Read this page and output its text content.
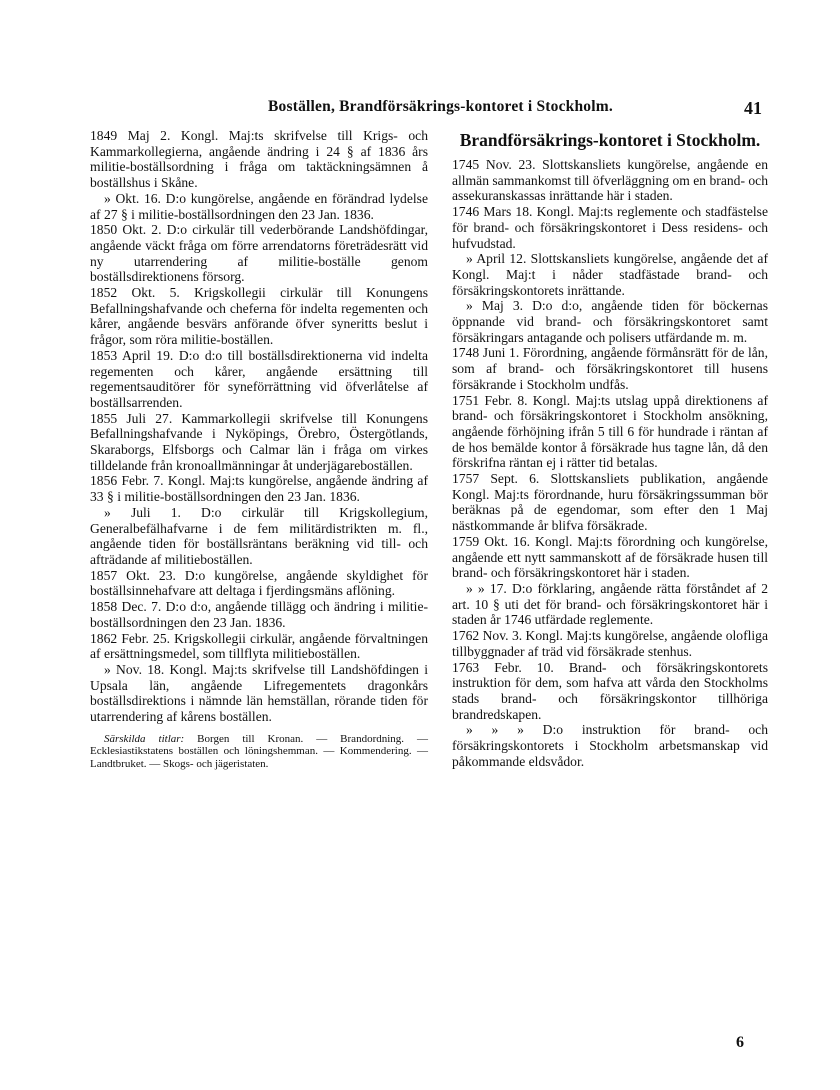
Boställen, Brandförsäkrings-kontoret i Stockholm.	41

1849 Maj 2. Kongl. Maj:ts skrifvelse till Krigs- och Kammarkollegierna, angående ändring i 24 § af 1836 års militie-boställsordning i fråga om taktäckningsämnen å boställshus i Skåne.

» Okt. 16. D:o kungörelse, angående en förändrad lydelse af 27 § i militie-boställsordningen den 23 Jan. 1836.

1850 Okt. 2. D:o cirkulär till vederbörande Landshöfdingar, angående väckt fråga om förre arrendatorns företrädesrätt vid ny utarrendering af militie-boställe genom boställsdirektionens försorg.

1852 Okt. 5. Krigskollegii cirkulär till Konungens Befallningshafvande och cheferna för indelta regementen och kårer, angående besvärs anförande öfver syneritts beslut i frågor, som röra militie-boställen.

1853 April 19. D:o d:o till boställsdirektionerna vid indelta regementen och kårer, angående ersättning till regementsauditörer för syneförrättning vid öfverlåtelse af boställsarrenden.

1855 Juli 27. Kammarkollegii skrifvelse till Konungens Befallningshafvande i Nyköpings, Örebro, Östergötlands, Skaraborgs, Elfsborgs och Calmar län i fråga om virkes tilldelande från kronoallmänningar åt underjägareboställen.

1856 Febr. 7. Kongl. Maj:ts kungörelse, angående ändring af 33 § i militie-boställsordningen den 23 Jan. 1836.

» Juli 1. D:o cirkulär till Krigskollegium, Generalbefälhafvarne i de fem militärdistrikten m. fl., angående tiden för boställsräntans beräkning vid till- och afträdande af militieboställen.

1857 Okt. 23. D:o kungörelse, angående skyldighet för boställsinnehafvare att deltaga i fjerdingsmäns aflöning.

1858 Dec. 7. D:o d:o, angående tillägg och ändring i militie-boställsordningen den 23 Jan. 1836.

1862 Febr. 25. Krigskollegii cirkulär, angående förvaltningen af ersättningsmedel, som tillflyta militieboställen.

» Nov. 18. Kongl. Maj:ts skrifvelse till Landshöfdingen i Upsala län, angående Lifregementets dragonkårs boställsdirektions i nämnde län hemställan, rörande tiden för utarrendering af kårens boställen.

Särskilda titlar: Borgen till Kronan. — Brandordning. — Ecklesiastikstatens boställen och löningshemman. — Kommendering. — Landtbruket. — Skogs- och jägeristaten.

Brandförsäkrings-kontoret i Stockholm.

1745 Nov. 23. Slottskansliets kungörelse, angående en allmän sammankomst till öfverläggning om en brand- och assekuranskassas inrättande här i staden.

1746 Mars 18. Kongl. Maj:ts reglemente och stadfästelse för brand- och försäkringskontoret i Dess residens- och hufvudstad.

» April 12. Slottskansliets kungörelse, angående det af Kongl. Maj:t i nåder stadfästade brand- och försäkringskontorets inrättande.

» Maj 3. D:o d:o, angående tiden för böckernas öppnande vid brand- och försäkringskontoret samt försäkringars antagande och polisers utfärdande m. m.

1748 Juni 1. Förordning, angående förmånsrätt för de lån, som af brand- och försäkringskontoret till husens försäkrande i Stockholm undfås.

1751 Febr. 8. Kongl. Maj:ts utslag uppå direktionens af brand- och försäkringskontoret i Stockholm ansökning, angående förhöjning ifrån 5 till 6 för hundrade i räntan af de hos bemälde kontor å försäkrade hus tagne lån, då den förskrifna räntan ej i rätter tid betalas.

1757 Sept. 6. Slottskansliets publikation, angående Kongl. Maj:ts förordnande, huru försäkringssumman bör beräknas på de egendomar, som efter den 1 Maj nästkommande år blifva försäkrade.

1759 Okt. 16. Kongl. Maj:ts förordning och kungörelse, angående ett nytt sammanskott af de försäkrade husen till brand- och försäkringskontoret här i staden.

» » 17. D:o förklaring, angående rätta förståndet af 2 art. 10 § uti det för brand- och försäkringskontoret här i staden år 1746 utfärdade reglemente.

1762 Nov. 3. Kongl. Maj:ts kungörelse, angående olofliga tillbyggnader af träd vid försäkrade stenhus.

1763 Febr. 10. Brand- och försäkringskontorets instruktion för dem, som hafva att vårda den Stockholms stads brand- och försäkringskontor tillhöriga brandredskapen.

» » » D:o instruktion för brand- och försäkringskontorets i Stockholm arbetsmanskap vid påkommande eldsvådor.

6
